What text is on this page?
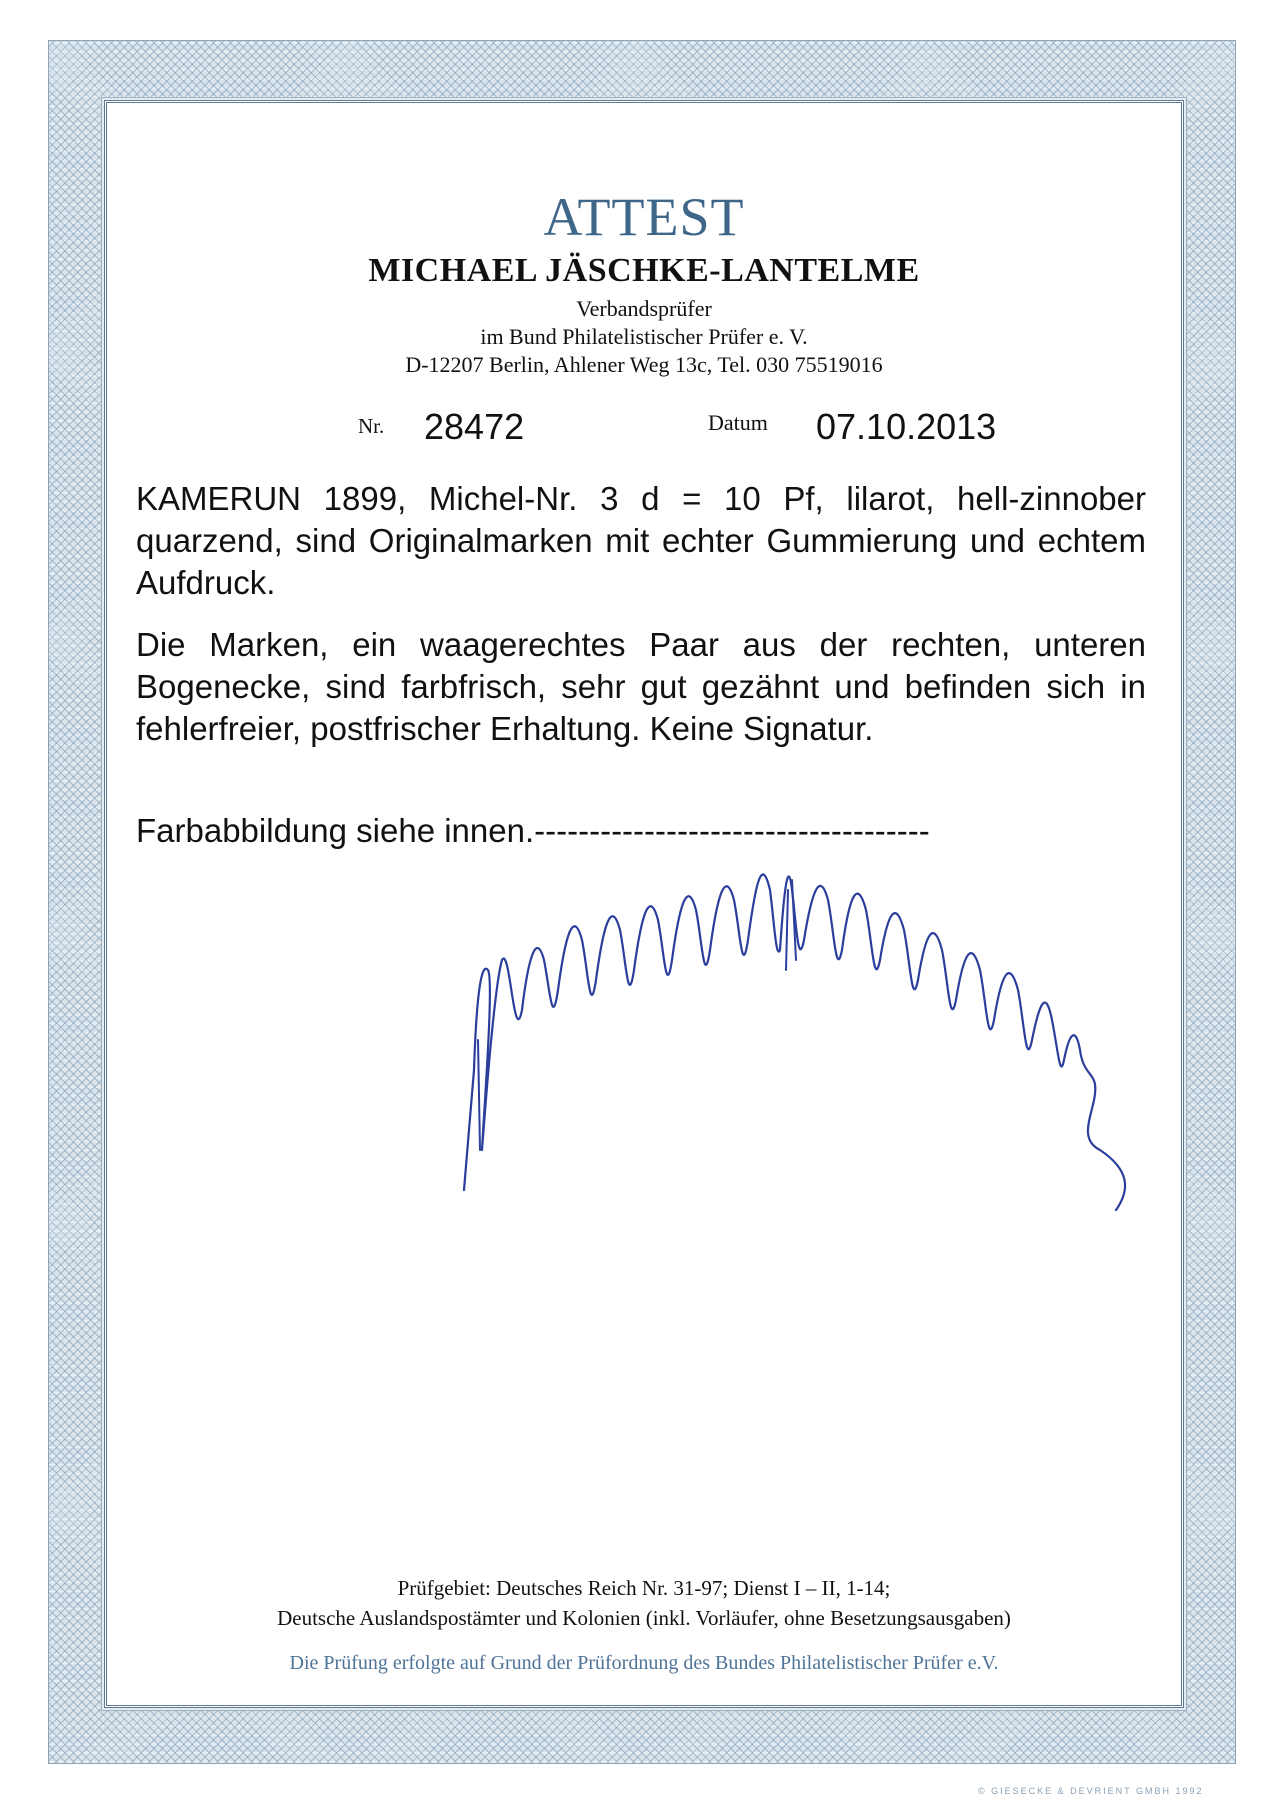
ATTEST
MICHAEL JÄSCHKE-LANTELME
Verbandsprüfer
im Bund Philatelistischer Prüfer e. V.
D-12207 Berlin, Ahlener Weg 13c, Tel. 030 75519016
Nr. 28472	Datum 07.10.2013
KAMERUN 1899, Michel-Nr. 3 d = 10 Pf, lilarot, hell-zinnober quarzend, sind Originalmarken mit echter Gummierung und echtem Aufdruck.
Die Marken, ein waagerechtes Paar aus der rechten, unteren Bogenecke, sind farbfrisch, sehr gut gezähnt und befinden sich in fehlerfreier, postfrischer Erhaltung. Keine Signatur.
Farbabbildung siehe innen.------------------------------------
Prüfgebiet: Deutsches Reich Nr. 31-97; Dienst I – II, 1-14;
Deutsche Auslandspostämter und Kolonien (inkl. Vorläufer, ohne Besetzungsausgaben)
Die Prüfung erfolgte auf Grund der Prüfordnung des Bundes Philatelistischer Prüfer e.V.
© GIESECKE & DEVRIENT GMBH 1992
